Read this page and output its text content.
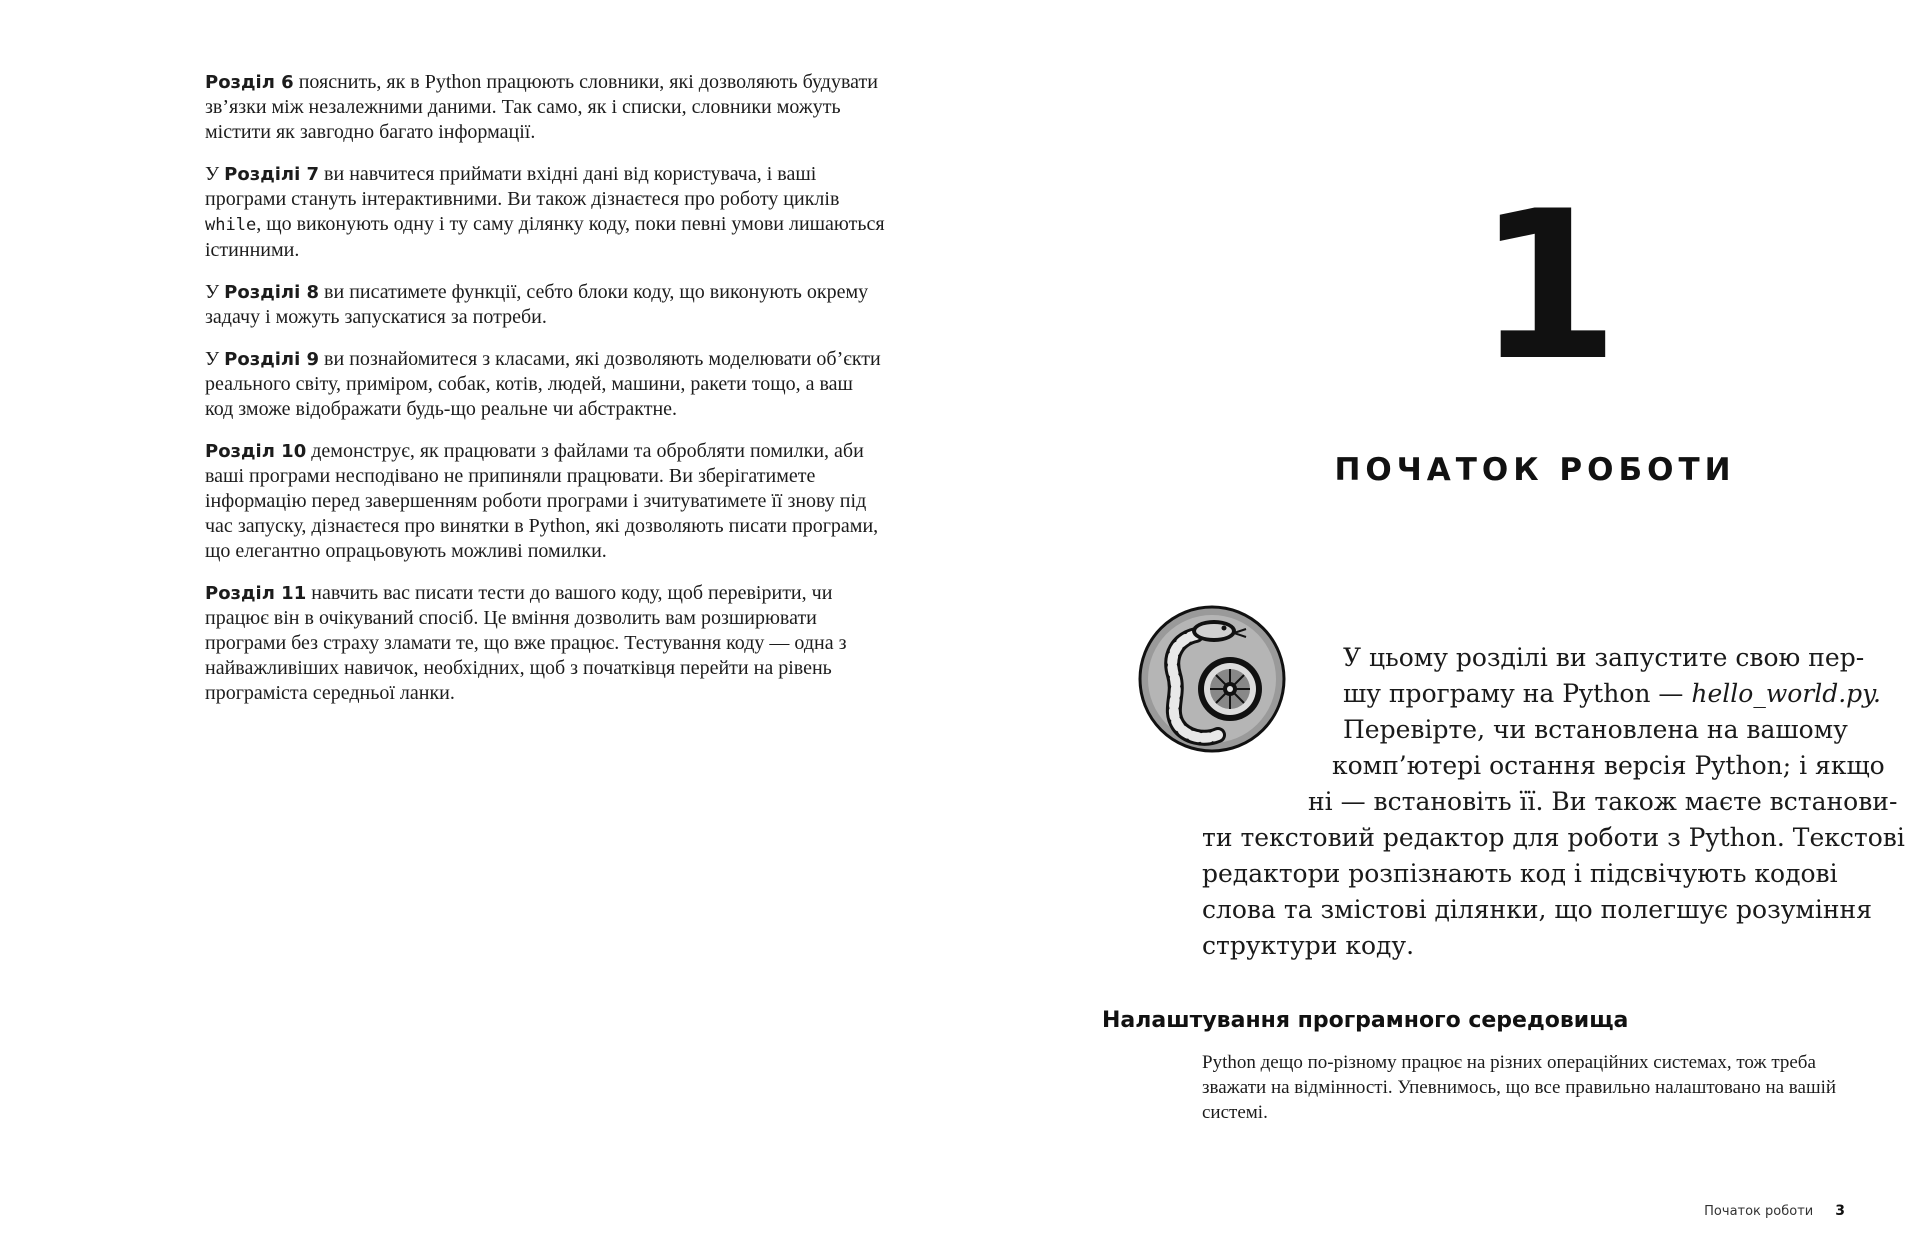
Розділ 6 пояснить, як в Python працюють словники, які дозволяють будувати зв’язки між незалежними даними. Так само, як і списки, словники можуть містити як завгодно багато інформації.

У Розділі 7 ви навчитеся приймати вхідні дані від користувача, і ваші програми стануть інтерактивними. Ви також дізнаєтеся про роботу циклів while, що виконують одну і ту саму ділянку коду, поки певні умови лишаються істинними.

У Розділі 8 ви писатимете функції, себто блоки коду, що виконують окрему задачу і можуть запускатися за потреби.

У Розділі 9 ви познайомитеся з класами, які дозволяють моделювати об’єкти реального світу, приміром, собак, котів, людей, машини, ракети тощо, а ваш код зможе відображати будь-що реальне чи абстрактне.

Розділ 10 демонструє, як працювати з файлами та обробляти помилки, аби ваші програми несподівано не припиняли працювати. Ви зберігатимете інформацію перед завершенням роботи програми і зчитуватимете її знову під час запуску, дізнаєтеся про винятки в Python, які дозволяють писати програми, що елегантно опрацьовують можливі помилки.

Розділ 11 навчить вас писати тести до вашого коду, щоб перевірити, чи працює він в очікуваний спосіб. Це вміння дозволить вам розширювати програми без страху зламати те, що вже працює. Тестування коду — одна з найважливіших навичок, необхідних, щоб з початківця перейти на рівень програміста середньої ланки.

1
ПОЧАТОК РОБОТИ
У цьому розділі ви запустите свою пер-
шу програму на Python — hello_world.py.
Перевірте, чи встановлена на вашому
комп’ютері остання версія Python; і якщо
ні — встановіть її. Ви також маєте встанови-
ти текстовий редактор для роботи з Python. Текстові
редактори розпізнають код і підсвічують кодові
слова та змістові ділянки, що полегшує розуміння
структури коду.
Налаштування програмного середовища
Python дещо по-різному працює на різних операційних системах, тож треба зважати на відмінності. Упевнимось, що все правильно налаштовано на вашій системі.
Початок роботи 3
